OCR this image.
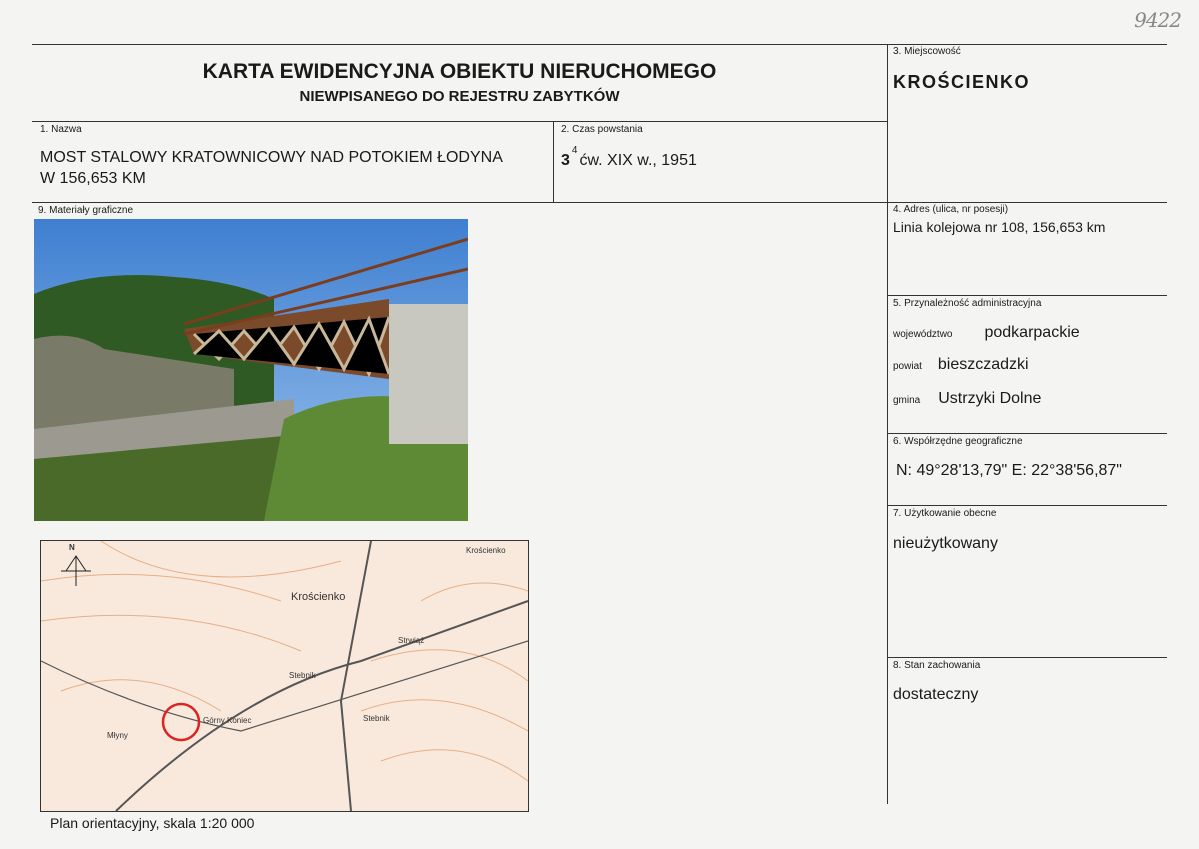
9422
KARTA EWIDENCYJNA OBIEKTU NIERUCHOMEGO
NIEWPISANEGO DO REJESTRU ZABYTKÓW
1. Nazwa
MOST STALOWY KRATOWNICOWY NAD POTOKIEM ŁODYNA
W 156,653 KM
2. Czas powstania
$3^4ćw$. XIX w., 1951
3. Miejscowość
KROŚCIENKO
4. Adres (ulica, nr posesji)
Linia kolejowa nr 108, 156,653 km
5. Przynależność administracyjna
województwo podkarpackie
powiat bieszczadzki
gmina Ustrzyki Dolne
6. Współrzędne geograficzne
N: 49°28'13,79" E: 22°38'56,87"
7. Użytkowanie obecne
nieużytkowany
8. Stan zachowania
dostateczny
9. Materiały graficzne
N	Krościenko
Krościenko
Stebnik
Stebnik
Strwiąż
Górny Koniec
Młyny
Plan orientacyjny, skala 1:20 000
